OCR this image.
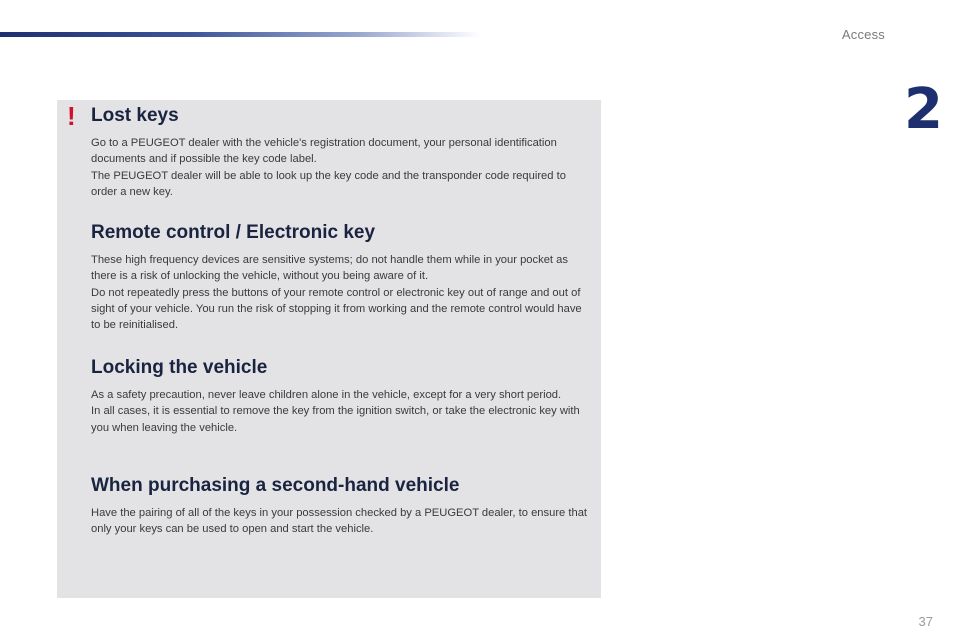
Access
2
! Lost keys

Go to a PEUGEOT dealer with the vehicle's registration document, your personal identification documents and if possible the key code label.

The PEUGEOT dealer will be able to look up the key code and the transponder code required to order a new key.

Remote control / Electronic key

These high frequency devices are sensitive systems; do not handle them while in your pocket as there is a risk of unlocking the vehicle, without you being aware of it.

Do not repeatedly press the buttons of your remote control or electronic key out of range and out of sight of your vehicle. You run the risk of stopping it from working and the remote control would have to be reinitialised.

Locking the vehicle

As a safety precaution, never leave children alone in the vehicle, except for a very short period.

In all cases, it is essential to remove the key from the ignition switch, or take the electronic key with you when leaving the vehicle.

When purchasing a second-hand vehicle

Have the pairing of all of the keys in your possession checked by a PEUGEOT dealer, to ensure that only your keys can be used to open and start the vehicle.

37
